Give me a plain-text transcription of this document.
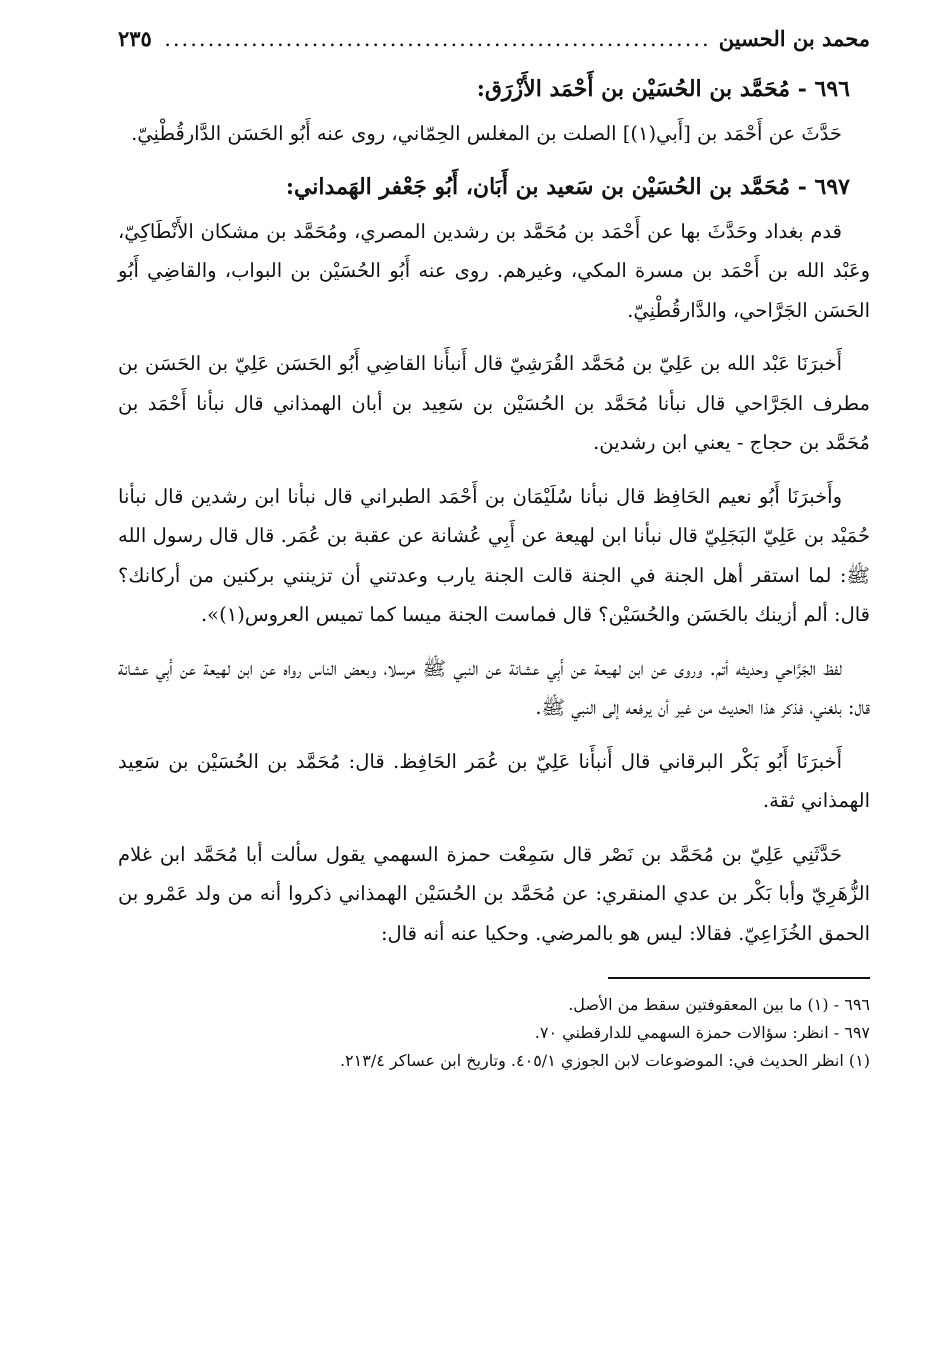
محمد بن الحسين
.....
٢٣٥
٦٩٦ - مُحَمَّد بن الحُسَيْن بن أَحْمَد الأَزْرَق:

حَدَّثَ عن أَحْمَد بن [أَبي(١)] الصلت بن المغلس الحِمّاني، روى عنه أَبُو الحَسَن الدَّارقُطْنِيّ.

٦٩٧ - مُحَمَّد بن الحُسَيْن بن سَعيد بن أَبَان، أَبُو جَعْفر الهَمداني:

قدم بغداد وحَدَّثَ بها عن أَحْمَد بن مُحَمَّد بن رشدين المصري، ومُحَمَّد بن مشكان الأَنْطَاكِيّ، وعَبْد الله بن أَحْمَد بن مسرة المكي، وغيرهم. روى عنه أَبُو الحُسَيْن بن البواب، والقاضِي أَبُو الحَسَن الجَرَّاحي، والدَّارقُطْنِيّ.

أَخبرَنَا عَبْد الله بن عَلِيّ بن مُحَمَّد القُرَشِيّ قال أَنبأَنا القاضِي أَبُو الحَسَن عَلِيّ بن الحَسَن بن مطرف الجَرَّاحي قال نبأنا مُحَمَّد بن الحُسَيْن بن سَعِيد بن أبان الهمذاني قال نبأنا أَحْمَد بن مُحَمَّد بن حجاج - يعني ابن رشدين.

وأَخبرَنَا أَبُو نعيم الحَافِظ قال نبأنا سُلَيْمَان بن أَحْمَد الطبراني قال نبأنا ابن رشدين قال نبأنا حُمَيْد بن عَلِيّ البَجَلِيّ قال نبأنا ابن لهيعة عن أَبِي عُشانة عن عقبة بن عُمَر. قال قال رسول الله ﷺ: لما استقر أهل الجنة في الجنة قالت الجنة يارب وعدتني أن تزينني بركنين من أركانك؟ قال: ألم أزينك بالحَسَن والحُسَيْن؟ قال فماست الجنة ميسا كما تميس العروس(١)».

لفظ الجَرَّاحي وحديثه أتم. وروى عن ابن لهيعة عن أَبِي عشانة عن النبي ﷺ مرسلا، وبعض الناس رواه عن ابن لهيعة عن أَبِي عشانة قال: بلغني، فذكر هذا الحديث من غير أن يرفعه إلى النبي ﷺ.

أَخبرَنَا أَبُو بَكْر البرقاني قال أَنبأَنا عَلِيّ بن عُمَر الحَافِظ. قال: مُحَمَّد بن الحُسَيْن بن سَعِيد الهمذاني ثقة.

حَدَّثَنِي عَلِيّ بن مُحَمَّد بن نَصْر قال سَمِعْت حمزة السهمي يقول سألت أبا مُحَمَّد ابن غلام الزُّهَرِيّ وأبا بَكْر بن عدي المنقري: عن مُحَمَّد بن الحُسَيْن الهمذاني ذكروا أنه من ولد عَمْرو بن الحمق الخُزَاعِيّ. فقالا: ليس هو بالمرضي. وحكيا عنه أنه قال:

٦٩٦ - (١) ما بين المعقوفتين سقط من الأصل.
٦٩٧ - انظر: سؤالات حمزة السهمي للدارقطني ٧٠.
(١) انظر الحديث في: الموضوعات لابن الجوزي ٤٠٥/١. وتاريخ ابن عساكر ٢١٣/٤.
